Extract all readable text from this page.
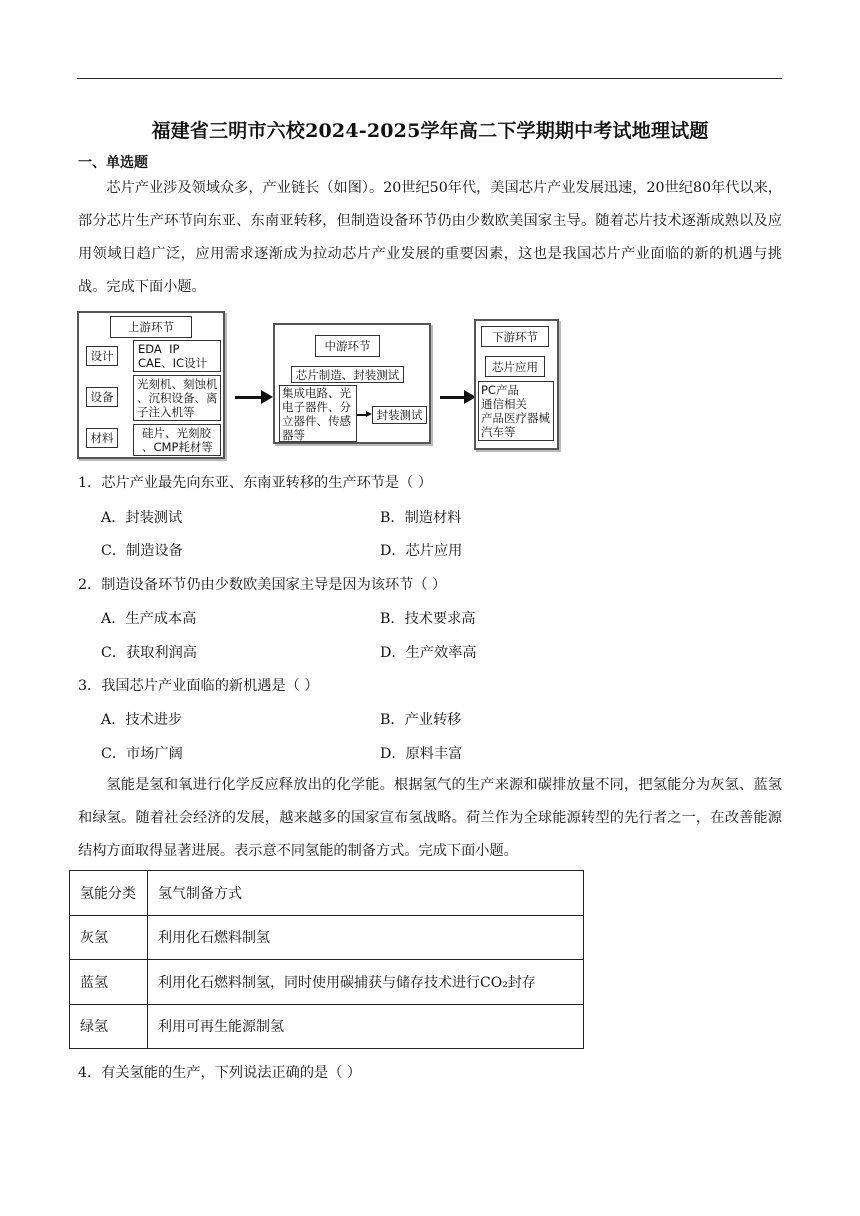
福建省三明市六校2024-2025学年高二下学期期中考试地理试题
一、单选题
芯片产业涉及领域众多，产业链长（如图）。20世纪50年代，美国芯片产业发展迅速，20世纪80年代以来，部分芯片生产环节向东亚、东南亚转移，但制造设备环节仍由少数欧美国家主导。随着芯片技术逐渐成熟以及应用领域日趋广泛，应用需求逐渐成为拉动芯片产业发展的重要因素，这也是我国芯片产业面临的新的机遇与挑战。完成下面小题。
上游环节
设计	EDA  IP
CAE、IC设计
设备
光刻机、刻蚀机
、沉积设备、离
子注入机等
材料	硅片、光刻胶
、CMP耗材等
中游环节
芯片制造、封装测试
集成电路、光
电子器件、分
立器件、传感
器等
封装测试
下游环节
芯片应用
PC产品
通信相关
产品医疗器械
汽车等
1．芯片产业最先向东亚、东南亚转移的生产环节是（ ）
A．封装测试	B．制造材料
C．制造设备	D．芯片应用
2．制造设备环节仍由少数欧美国家主导是因为该环节（ ）
A．生产成本高	B．技术要求高
C．获取利润高	D．生产效率高
3．我国芯片产业面临的新机遇是（ ）
A．技术进步	B．产业转移
C．市场广阔	D．原料丰富
氢能是氢和氧进行化学反应释放出的化学能。根据氢气的生产来源和碳排放量不同，把氢能分为灰氢、蓝氢和绿氢。随着社会经济的发展，越来越多的国家宣布氢战略。荷兰作为全球能源转型的先行者之一，在改善能源结构方面取得显著进展。表示意不同氢能的制备方式。完成下面小题。
氢能分类	氢气制备方式
灰氢	利用化石燃料制氢
蓝氢	利用化石燃料制氢，同时使用碳捕获与储存技术进行CO₂封存
绿氢	利用可再生能源制氢
4．有关氢能的生产，下列说法正确的是（ ）
